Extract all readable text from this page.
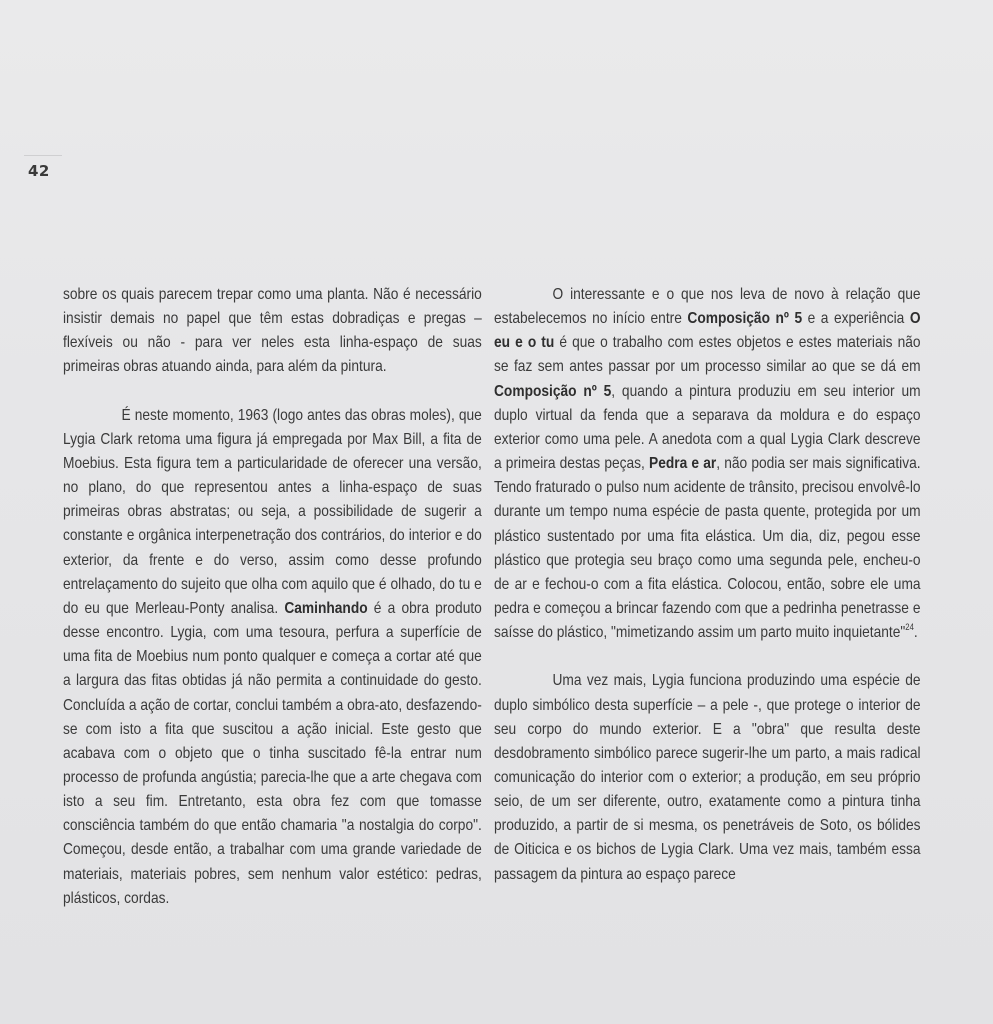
42

sobre os quais parecem trepar como uma planta. Não é necessário insistir demais no papel que têm estas dobradiças e pregas – flexíveis ou não - para ver neles esta linha-espaço de suas primeiras obras atuando ainda, para além da pintura.

É neste momento, 1963 (logo antes das obras moles), que Lygia Clark retoma uma figura já empregada por Max Bill, a fita de Moebius. Esta figura tem a particularidade de oferecer una versão, no plano, do que representou antes a linha-espaço de suas primeiras obras abstratas; ou seja, a possibilidade de sugerir a constante e orgânica interpenetração dos contrários, do interior e do exterior, da frente e do verso, assim como desse profundo entrelaçamento do sujeito que olha com aquilo que é olhado, do tu e do eu que Merleau-Ponty analisa. Caminhando é a obra produto desse encontro. Lygia, com uma tesoura, perfura a superfície de uma fita de Moebius num ponto qualquer e começa a cortar até que a largura das fitas obtidas já não permita a continuidade do gesto. Concluída a ação de cortar, conclui também a obra-ato, desfazendo-se com isto a fita que suscitou a ação inicial. Este gesto que acabava com o objeto que o tinha suscitado fê-la entrar num processo de profunda angústia; parecia-lhe que a arte chegava com isto a seu fim. Entretanto, esta obra fez com que tomasse consciência também do que então chamaria "a nostalgia do corpo". Começou, desde então, a trabalhar com uma grande variedade de materiais, materiais pobres, sem nenhum valor estético: pedras, plásticos, cordas.

O interessante e o que nos leva de novo à relação que estabelecemos no início entre Composição nº 5 e a experiência O eu e o tu é que o trabalho com estes objetos e estes materiais não se faz sem antes passar por um processo similar ao que se dá em Composição nº 5, quando a pintura produziu em seu interior um duplo virtual da fenda que a separava da moldura e do espaço exterior como uma pele. A anedota com a qual Lygia Clark descreve a primeira destas peças, Pedra e ar, não podia ser mais significativa. Tendo fraturado o pulso num acidente de trânsito, precisou envolvê-lo durante um tempo numa espécie de pasta quente, protegida por um plástico sustentado por uma fita elástica. Um dia, diz, pegou esse plástico que protegia seu braço como uma segunda pele, encheu-o de ar e fechou-o com a fita elástica. Colocou, então, sobre ele uma pedra e começou a brincar fazendo com que a pedrinha penetrasse e saísse do plástico, "mimetizando assim um parto muito inquietante"$^{24}$.

Uma vez mais, Lygia funciona produzindo uma espécie de duplo simbólico desta superfície – a pele -, que protege o interior de seu corpo do mundo exterior. E a "obra" que resulta deste desdobramento simbólico parece sugerir-lhe um parto, a mais radical comunicação do interior com o exterior; a produção, em seu próprio seio, de um ser diferente, outro, exatamente como a pintura tinha produzido, a partir de si mesma, os penetráveis de Soto, os bólides de Oiticica e os bichos de Lygia Clark. Uma vez mais, também essa passagem da pintura ao espaço parece
